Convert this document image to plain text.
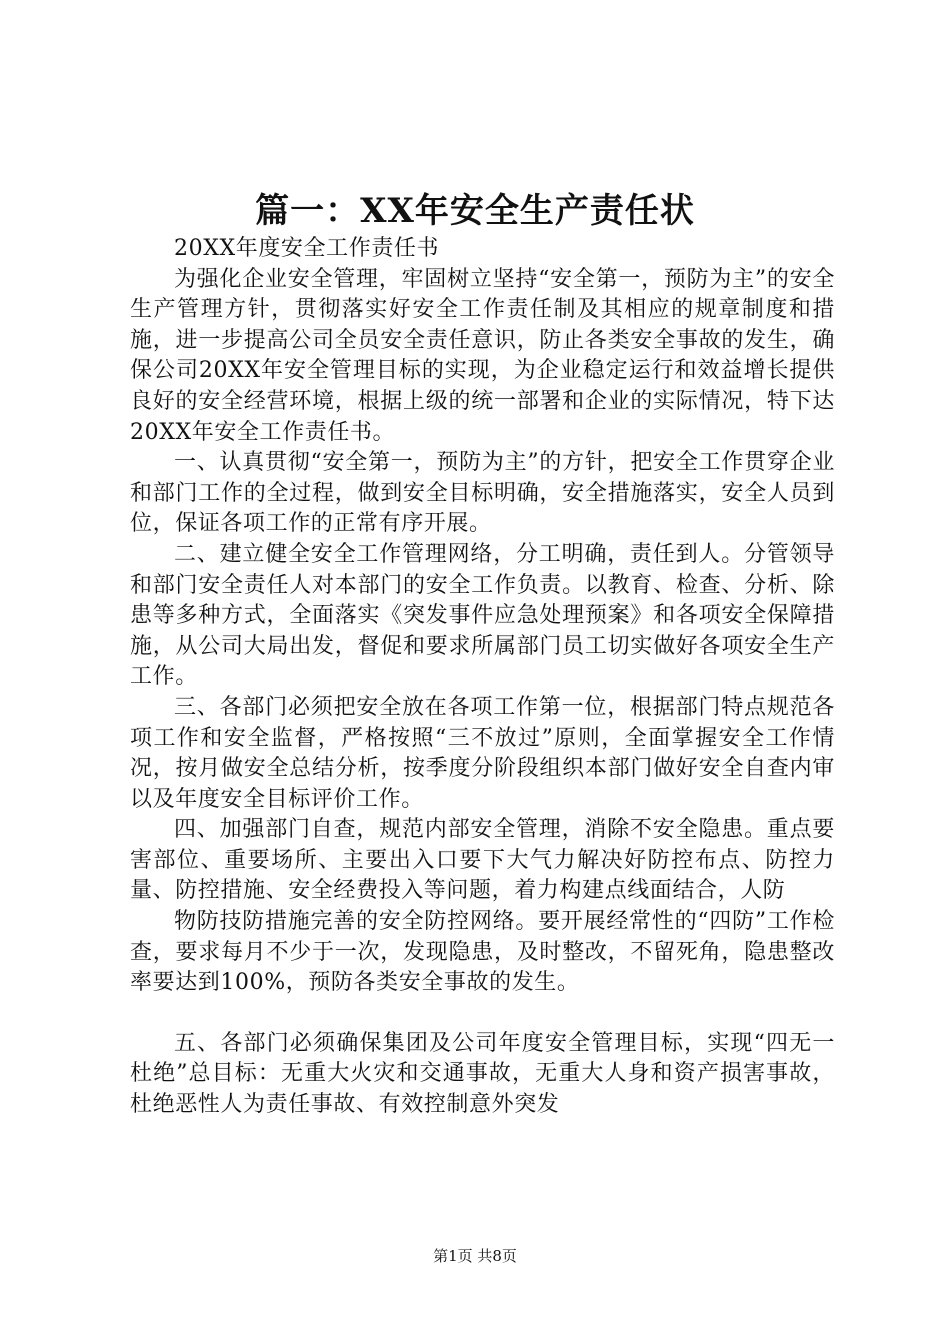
篇一：XX年安全生产责任状

20XX年度安全工作责任书

为强化企业安全管理，牢固树立坚持“安全第一，预防为主”的安全生产管理方针，贯彻落实好安全工作责任制及其相应的规章制度和措施，进一步提高公司全员安全责任意识，防止各类安全事故的发生，确保公司20XX年安全管理目标的实现，为企业稳定运行和效益增长提供良好的安全经营环境，根据上级的统一部署和企业的实际情况，特下达20XX年安全工作责任书。

一、认真贯彻“安全第一，预防为主”的方针，把安全工作贯穿企业和部门工作的全过程，做到安全目标明确，安全措施落实，安全人员到位，保证各项工作的正常有序开展。

二、建立健全安全工作管理网络，分工明确，责任到人。分管领导和部门安全责任人对本部门的安全工作负责。以教育、检查、分析、除患等多种方式，全面落实《突发事件应急处理预案》和各项安全保障措施，从公司大局出发，督促和要求所属部门员工切实做好各项安全生产工作。

三、各部门必须把安全放在各项工作第一位，根据部门特点规范各项工作和安全监督，严格按照“三不放过”原则，全面掌握安全工作情况，按月做安全总结分析，按季度分阶段组织本部门做好安全自查内审以及年度安全目标评价工作。

四、加强部门自查，规范内部安全管理，消除不安全隐患。重点要害部位、重要场所、主要出入口要下大气力解决好防控布点、防控力量、防控措施、安全经费投入等问题，着力构建点线面结合，人防

物防技防措施完善的安全防控网络。要开展经常性的“四防”工作检查，要求每月不少于一次，发现隐患，及时整改，不留死角，隐患整改率要达到100%，预防各类安全事故的发生。

五、各部门必须确保集团及公司年度安全管理目标，实现“四无一杜绝”总目标：无重大火灾和交通事故，无重大人身和资产损害事故，杜绝恶性人为责任事故、有效控制意外突发

第1页 共8页
